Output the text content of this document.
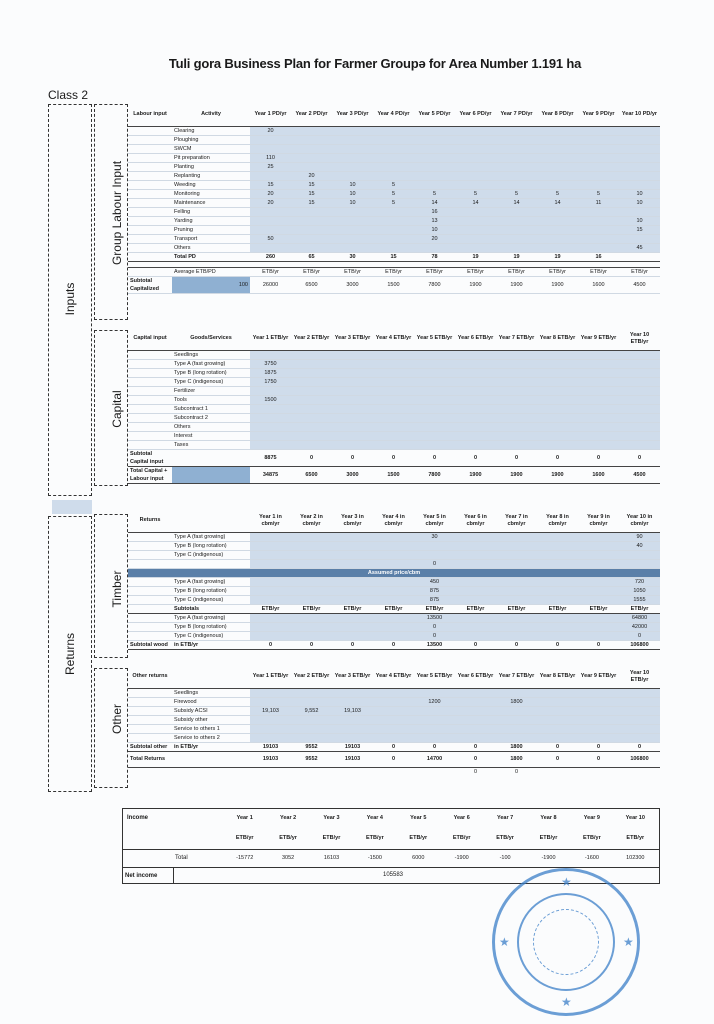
Tuli gora Business Plan for Farmer Groupə for Area Number 1.191 ha
Class 2
Inputs
Returns
Group Labour Input
Capital
Timber
Other
Labour input	Activity	Year 1 PD/yr	Year 2 PD/yr	Year 3 PD/yr	Year 4 PD/yr	Year 5 PD/yr	Year 6 PD/yr	Year 7 PD/yr	Year 8 PD/yr	Year 9 PD/yr	Year 10 PD/yr
	Clearing	20									
	Ploughing										
	SWCM										
	Pit preparation	110									
	Planting	25									
	Replanting		20								
	Weeding	15	15	10	5						
	Monitoring	20	15	10	5	5	5	5	5	5	10
	Maintenance	20	15	10	5	14	14	14	14	11	10
	Felling					16					
	Yarding					13					10
	Pruning					10					15
	Transport	50				20					
	Others										45
	Total PD	260	65	30	15	78	19	19	19	16	

	Average ETB/PD	ETB/yr	ETB/yr	ETB/yr	ETB/yr	ETB/yr	ETB/yr	ETB/yr	ETB/yr	ETB/yr	ETB/yr
Subtotal Capitalized	100	26000	6500	3000	1500	7800	1900	1900	1900	1600	4500
Capital input	Goods/Services	Year 1 ETB/yr	Year 2 ETB/yr	Year 3 ETB/yr	Year 4 ETB/yr	Year 5 ETB/yr	Year 6 ETB/yr	Year 7 ETB/yr	Year 8 ETB/yr	Year 9 ETB/yr	Year 10 ETB/yr
	Seedlings										
	Type A (fast growing)	3750									
	Type B (long rotation)	1875									
	Type C (indigenous)	1750									
	Fertilizer										
	Tools	1500									
	Subcontract 1										
	Subcontract 2										
	Others										
	Interest										
	Taxes										
Subtotal Capital input		8875	0	0	0	0	0	0	0	0	0
Total Capital + Labour input		34875	6500	3000	1500	7800	1900	1900	1900	1600	4500
Returns		Year 1 in cbm/yr	Year 2 in cbm/yr	Year 3 in cbm/yr	Year 4 in cbm/yr	Year 5 in cbm/yr	Year 6 in cbm/yr	Year 7 in cbm/yr	Year 8 in cbm/yr	Year 9 in cbm/yr	Year 10 in cbm/yr
	Type A (fast growing)					30					90
	Type B (long rotation)										40
	Type C (indigenous)										
						0					
Assumed price/cbm											
	Type A (fast growing)					450					720
	Type B (long rotation)					875					1050
	Type C (indigenous)					875					1555
	Subtotals	ETB/yr	ETB/yr	ETB/yr	ETB/yr	ETB/yr	ETB/yr	ETB/yr	ETB/yr	ETB/yr	ETB/yr
	Type A (fast growing)					13500					64800
	Type B (long rotation)					0					42000
	Type C (indigenous)					0					0
Subtotal wood	in ETB/yr	0	0	0	0	13500	0	0	0	0	106800
Other returns		Year 1 ETB/yr	Year 2 ETB/yr	Year 3 ETB/yr	Year 4 ETB/yr	Year 5 ETB/yr	Year 6 ETB/yr	Year 7 ETB/yr	Year 8 ETB/yr	Year 9 ETB/yr	Year 10 ETB/yr
	Seedlings										
	Firewood					1200		1800			
	Subsidy ACSI	19,103	9,552	19,103							
	Subsidy other										
	Service to others 1										
	Service to others 2										
Subtotal other	in ETB/yr	19103	9552	19103	0	0	0	1800	0	0	0
Total Returns		19103	9552	19103	0	14700	0	1800	0	0	106800
							0	0			
Income	Year 1	Year 2	Year 3	Year 4	Year 5	Year 6	Year 7	Year 8	Year 9	Year 10
ETB/yr	ETB/yr	ETB/yr	ETB/yr	ETB/yr	ETB/yr	ETB/yr	ETB/yr	ETB/yr	ETB/yr
Total	-15772	3052	16103	-1500	6000	-1900	-100	-1900	-1600	102300
Net income	105583	★
★
★	★
